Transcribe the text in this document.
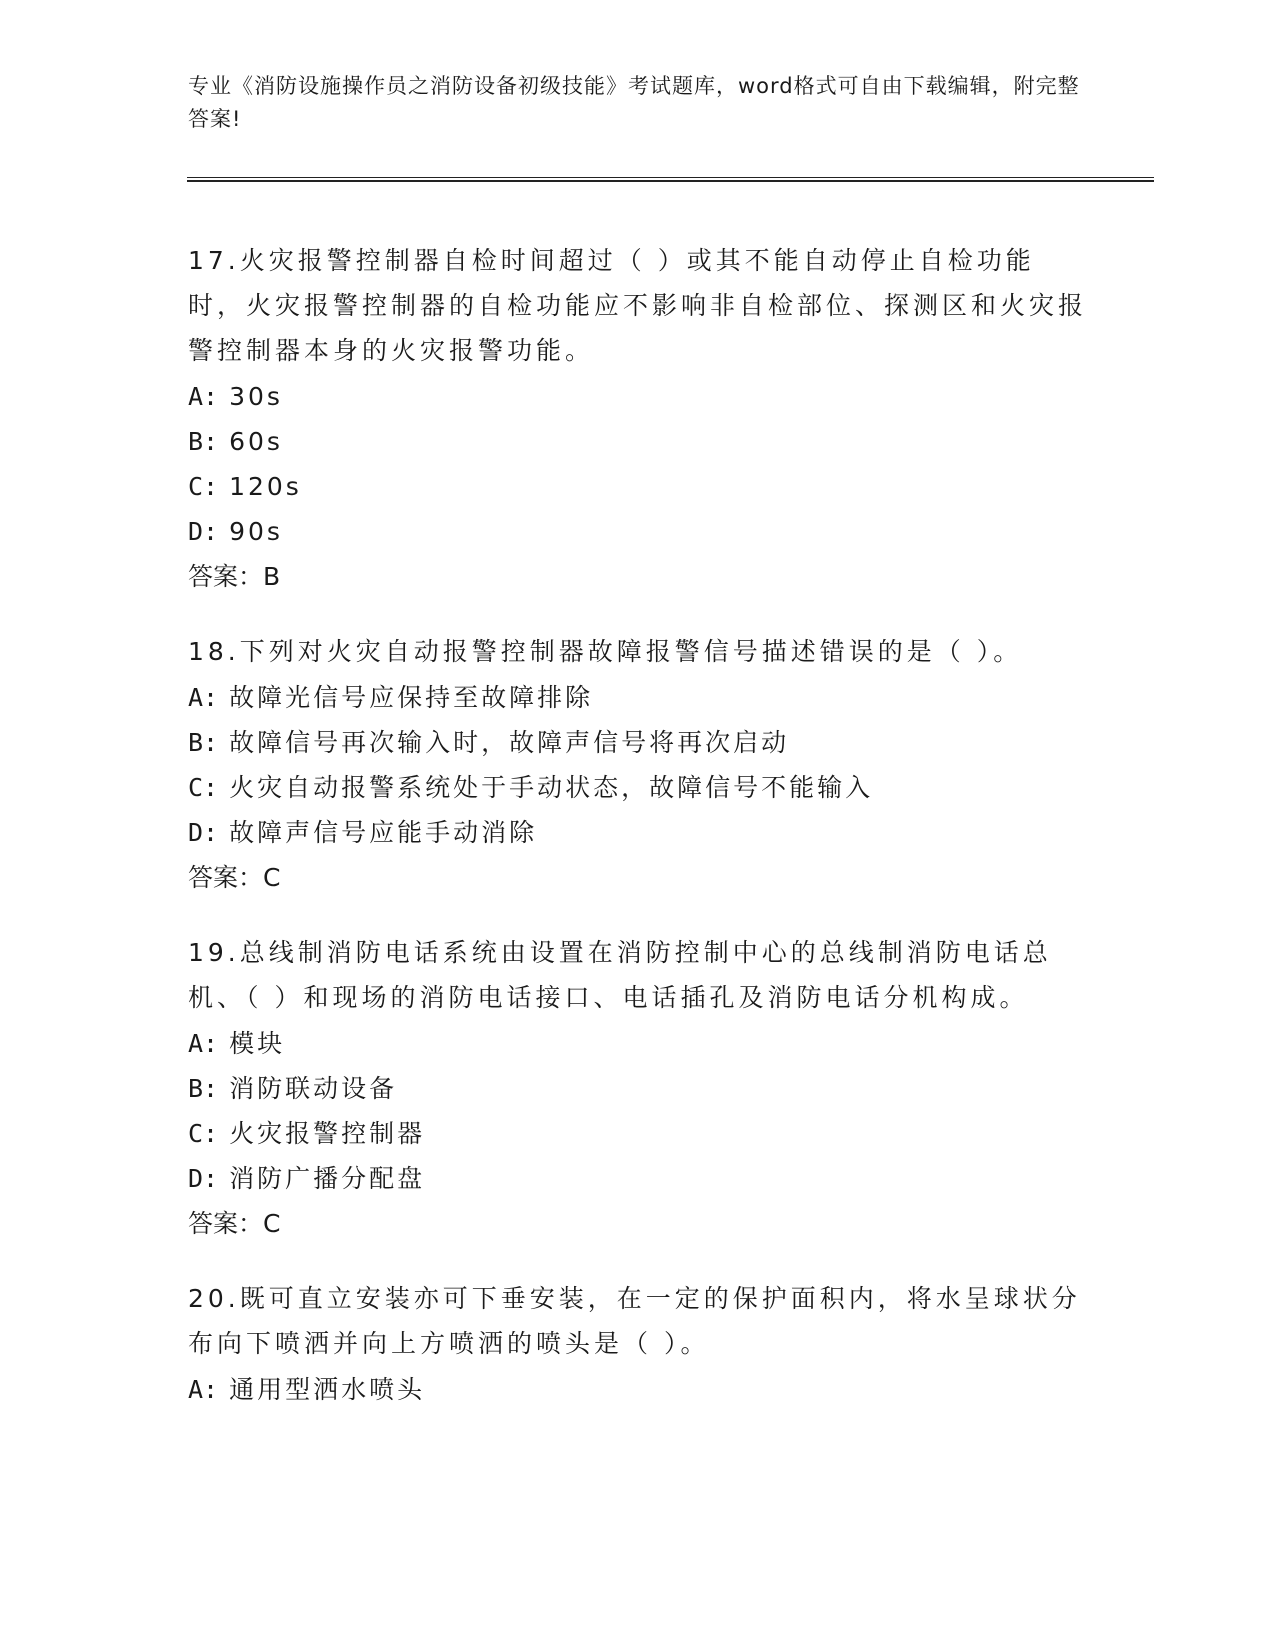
专业《消防设施操作员之消防设备初级技能》考试题库，word格式可自由下载编辑，附完整答案!
17.火灾报警控制器自检时间超过（ ）或其不能自动停止自检功能时，火灾报警控制器的自检功能应不影响非自检部位、探测区和火灾报警控制器本身的火灾报警功能。
A: 30s
B: 60s
C: 120s
D: 90s
答案：B
18.下列对火灾自动报警控制器故障报警信号描述错误的是（ ）。
A: 故障光信号应保持至故障排除
B: 故障信号再次输入时，故障声信号将再次启动
C: 火灾自动报警系统处于手动状态，故障信号不能输入
D: 故障声信号应能手动消除
答案：C
19.总线制消防电话系统由设置在消防控制中心的总线制消防电话总机、（ ）和现场的消防电话接口、电话插孔及消防电话分机构成。
A: 模块
B: 消防联动设备
C: 火灾报警控制器
D: 消防广播分配盘
答案：C
20.既可直立安装亦可下垂安装，在一定的保护面积内，将水呈球状分布向下喷洒并向上方喷洒的喷头是（ ）。
A: 通用型洒水喷头
